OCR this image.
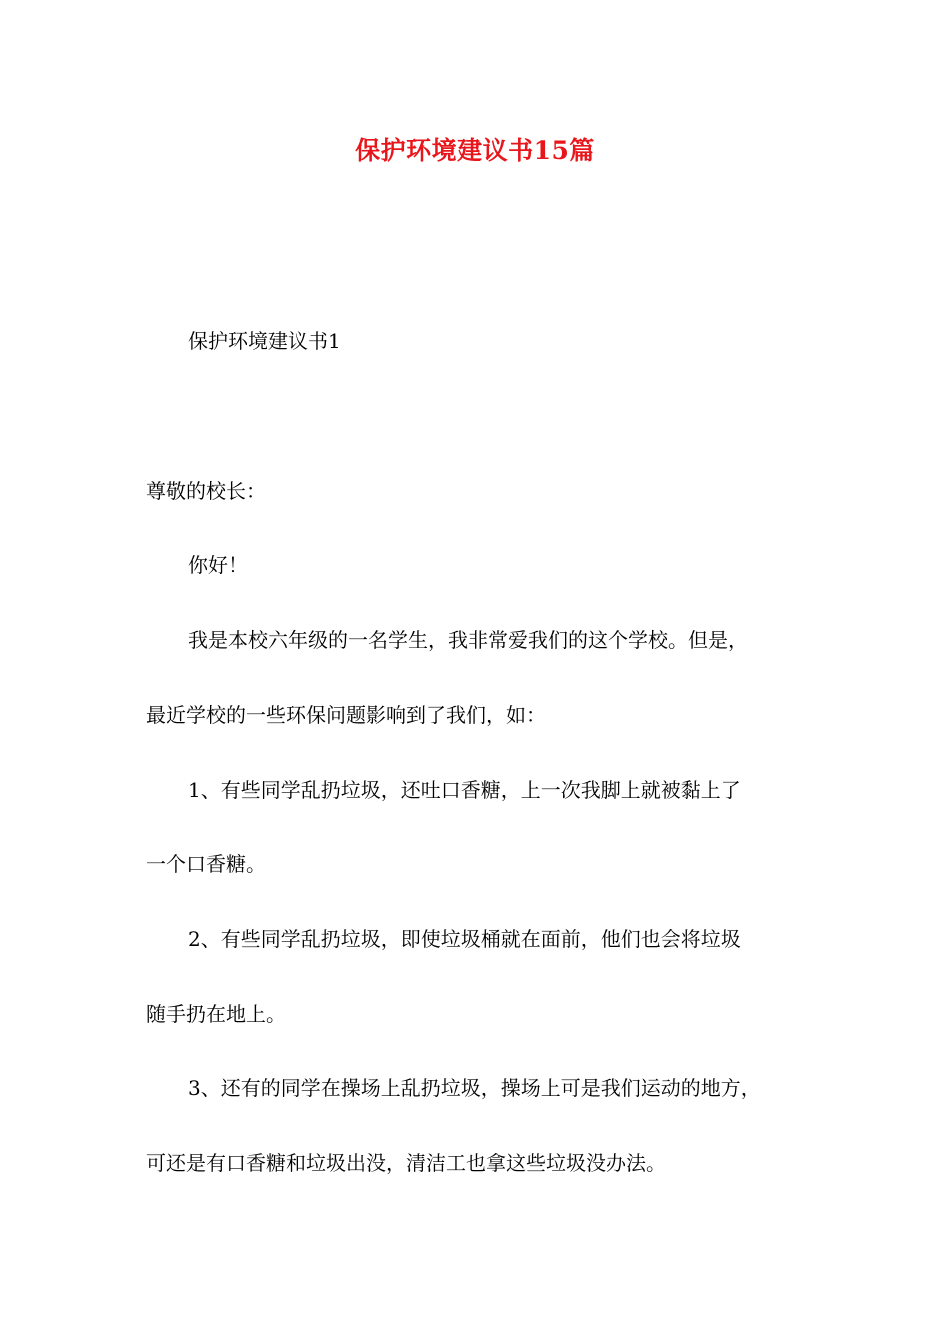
保护环境建议书15篇
保护环境建议书1
尊敬的校长：
你好！
我是本校六年级的一名学生，我非常爱我们的这个学校。但是，
最近学校的一些环保问题影响到了我们，如：
1、有些同学乱扔垃圾，还吐口香糖，上一次我脚上就被黏上了
一个口香糖。
2、有些同学乱扔垃圾，即使垃圾桶就在面前，他们也会将垃圾
随手扔在地上。
3、还有的同学在操场上乱扔垃圾，操场上可是我们运动的地方，
可还是有口香糖和垃圾出没，清洁工也拿这些垃圾没办法。
